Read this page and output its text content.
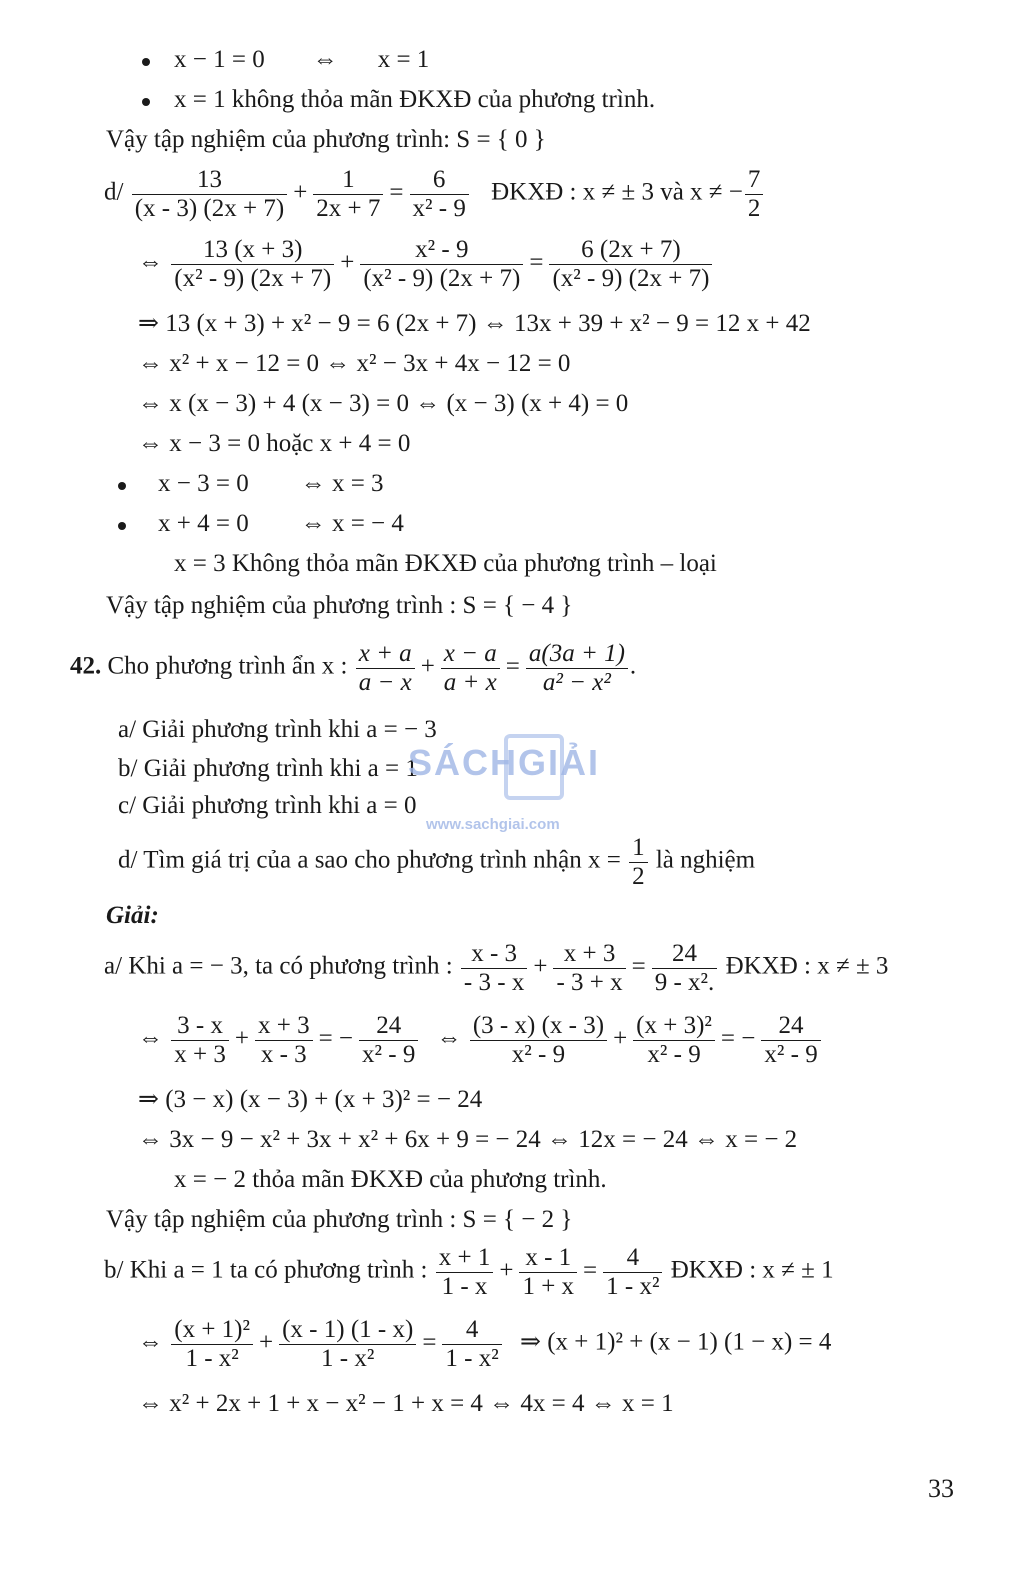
x − 1 = 0 ⇔ x = 1
x = 1 không thỏa mãn ĐKXĐ của phương trình.
Vậy tập nghiệm của phương trình: S = { 0 }
$d/ \frac{13}{(x - 3) (2x + 7)} + \frac{1}{2x + 7} = \frac{6}{\text{x² - 9}}$ ĐKXĐ : x ≠ ± 3 và x ≠ − $\frac{7}{2}$
⇔ $\frac{13 (x + 3)}{\text{(x² - 9) (2x + 7)}} + \frac{\text{x² - 9}}{\text{(x² - 9) (2x + 7)}} = \frac{6 (2x + 7)}{\text{(x² - 9) (2x + 7)}}$
⇒ 13 (x + 3) + x² − 9 = 6 (2x + 7) ⇔ 13x + 39 + x² − 9 = 12 x + 42
⇔ x² + x − 12 = 0 ⇔ x² − 3x + 4x − 12 = 0
⇔ x (x − 3) + 4 (x − 3) = 0 ⇔ (x − 3) (x + 4) = 0
⇔ x − 3 = 0 hoặc x + 4 = 0
x − 3 = 0 ⇔ x = 3
x + 4 = 0 ⇔ x = − 4
x = 3 Không thỏa mãn ĐKXĐ của phương trình – loại
Vậy tập nghiệm của phương trình : S = { − 4 }
42. Cho phương trình ẩn x : $\frac{x + a}{a - x} + \frac{x - a}{a + x} = \frac{a(3a + 1)}{\text{a² − x²}}$ .
a/ Giải phương trình khi a = − 3
b/ Giải phương trình khi a = 1
c/ Giải phương trình khi a = 0
d/ Tìm giá trị của a sao cho phương trình nhận $x = \frac{1}{2}$ là nghiệm
SÁCHGIẢI
www.sachgiai.com
Giải:
a/ Khi a = − 3, ta có phương trình : $\frac{x - 3}{- 3 - x} + \frac{x + 3}{- 3 + x} = \frac{24}{\text{9 - x².}}$ ĐKXĐ : x ≠ ± 3
⇔ $\frac{3 - x}{x + 3} + \frac{x + 3}{x - 3}$ = − $\frac{24}{\text{x² - 9}}$ ⇔ $\frac{(3 - x) (x - 3)}{\text{x² - 9}} + \frac{\text{(x + 3)²}}{\text{x² - 9}}$ = − $\frac{24}{\text{x² - 9}}$
⇒ (3 − x) (x − 3) + (x + 3)² = − 24
⇔ 3x − 9 − x² + 3x + x² + 6x + 9 = − 24 ⇔ 12x = − 24 ⇔ x = − 2
x = − 2 thỏa mãn ĐKXĐ của phương trình.
Vậy tập nghiệm của phương trình : S = { − 2 }
b/ Khi a = 1 ta có phương trình : $\frac{x + 1}{1 - x} + \frac{x - 1}{1 + x} = \frac{4}{\text{1 - x²}}$ ĐKXĐ : x ≠ ± 1
⇔ $\frac{\text{(x + 1)²}}{\text{1 - x²}} + \frac{(x - 1) (1 - x)}{\text{1 - x²}} = \frac{4}{\text{1 - x²}}$ ⇒ (x + 1)² + (x − 1) (1 − x) = 4
⇔ x² + 2x + 1 + x − x² − 1 + x = 4 ⇔ 4x = 4 ⇔ x = 1
33
